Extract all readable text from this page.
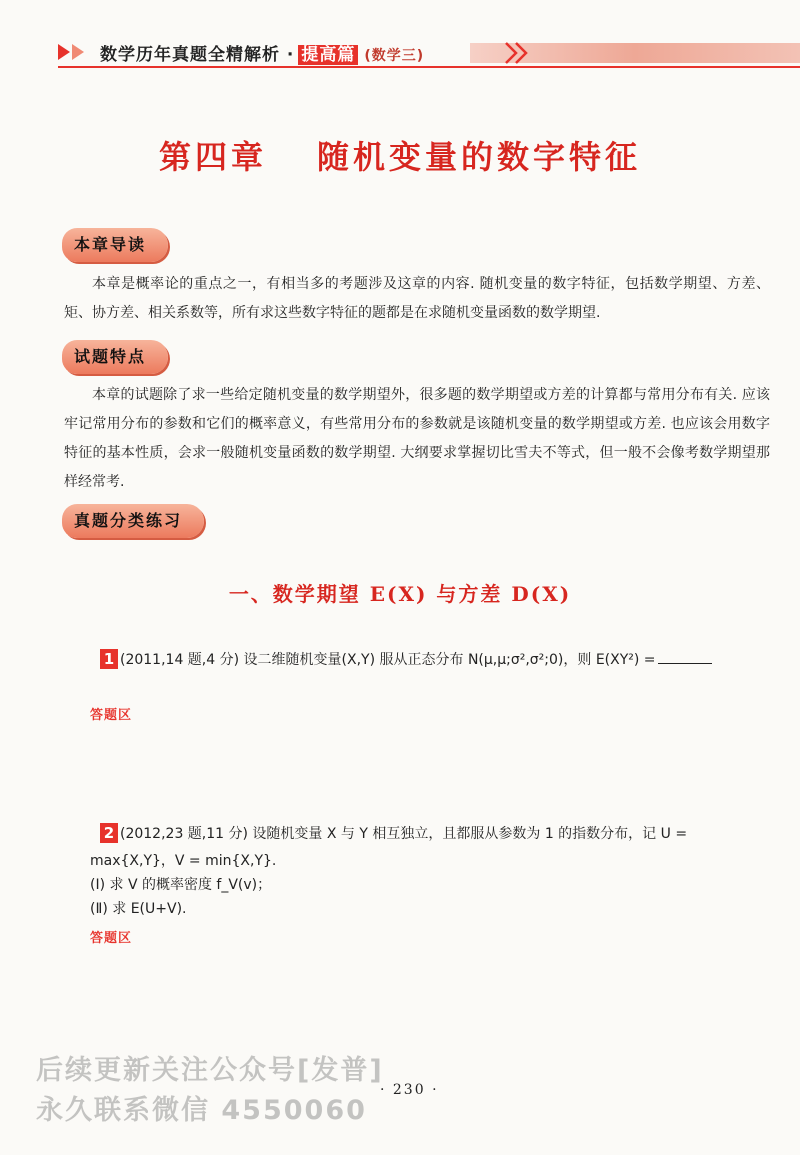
数学历年真题全精解析 · 提高篇 (数学三)
第四章 随机变量的数字特征
本章导读
本章是概率论的重点之一，有相当多的考题涉及这章的内容. 随机变量的数字特征，包括数学期望、方差、矩、协方差、相关系数等，所有求这些数字特征的题都是在求随机变量函数的数学期望.
试题特点
本章的试题除了求一些给定随机变量的数学期望外，很多题的数学期望或方差的计算都与常用分布有关. 应该牢记常用分布的参数和它们的概率意义，有些常用分布的参数就是该随机变量的数学期望或方差. 也应该会用数字特征的基本性质，会求一般随机变量函数的数学期望. 大纲要求掌握切比雪夫不等式，但一般不会像考数学期望那样经常考.
真题分类练习
一、数学期望 E(X) 与方差 D(X)
1 (2011,14 题,4 分) 设二维随机变量(X,Y) 服从正态分布 N(μ,μ;σ²,σ²;0)，则 E(XY²) =
答题区
2 (2012,23 题,11 分) 设随机变量 X 与 Y 相互独立，且都服从参数为 1 的指数分布，记 U =
max{X,Y}，V = min{X,Y}.
(Ⅰ) 求 V 的概率密度 f_V(v)；
(Ⅱ) 求 E(U+V).
答题区
后续更新关注公众号[发普]
永久联系微信 4550060
· 230 ·
